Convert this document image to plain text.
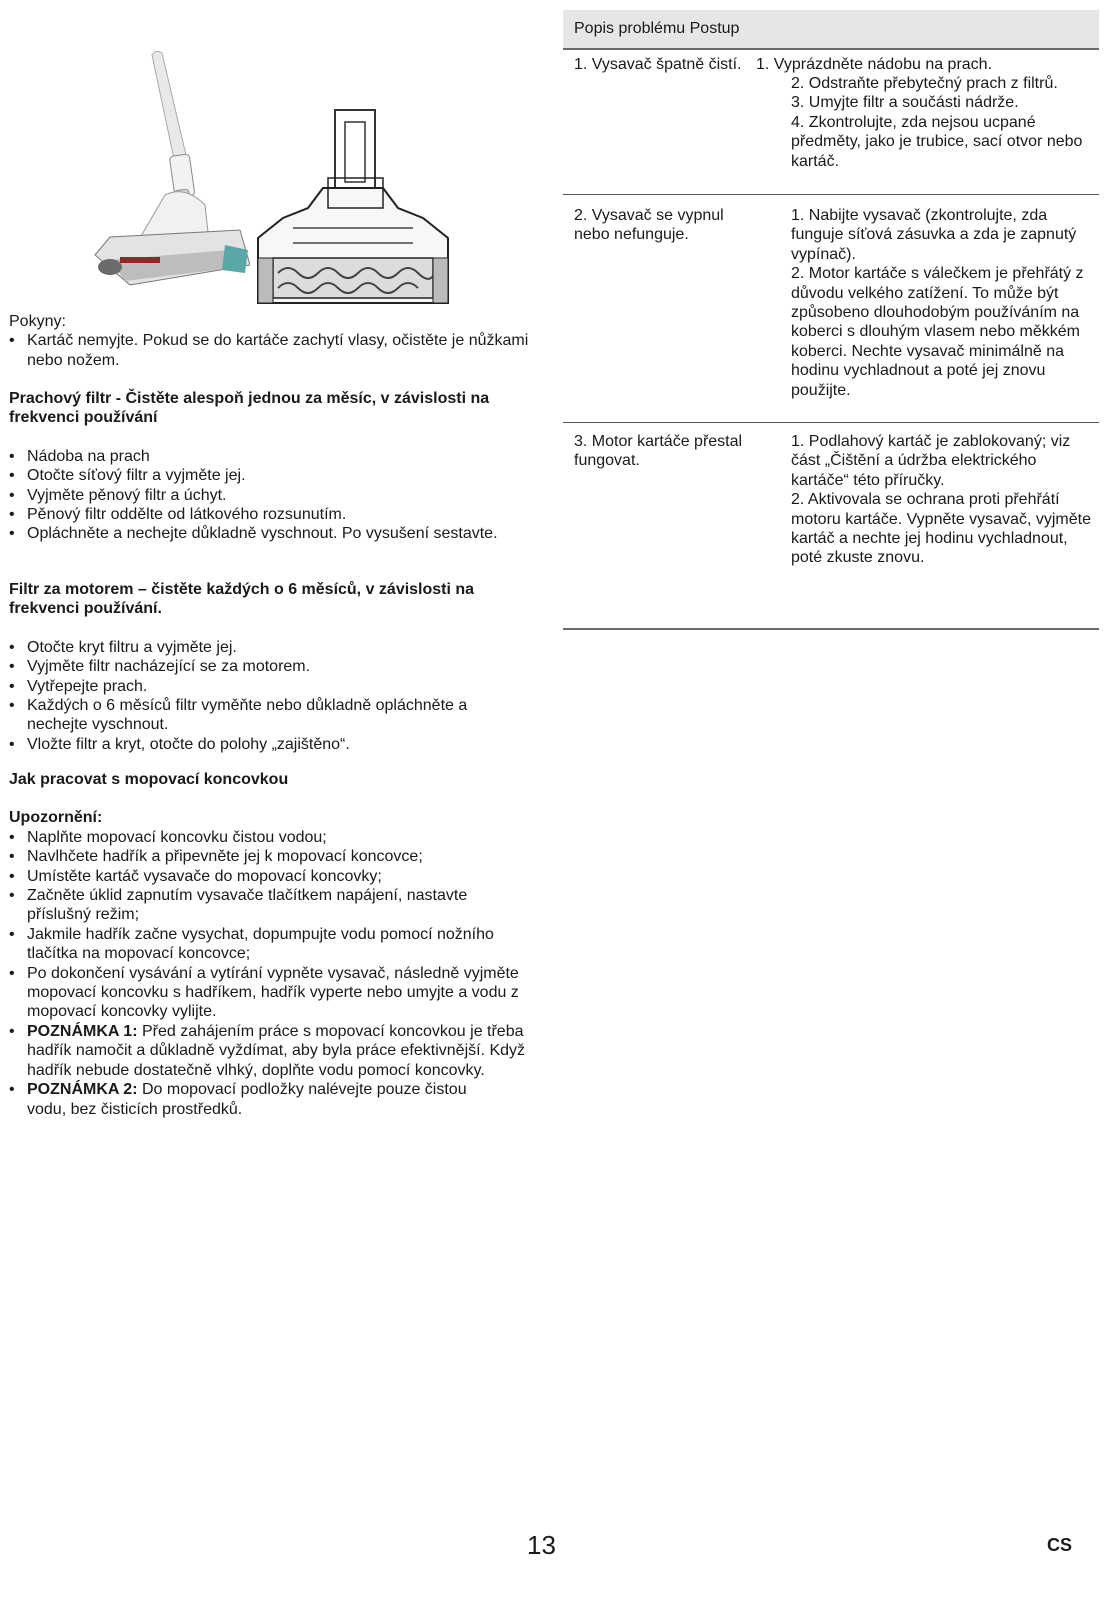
Pokyny:
• Kartáč nemyjte. Pokud se do kartáče zachytí vlasy, očistěte je nůžkami nebo nožem.
Prachový filtr - Čistěte alespoň jednou za měsíc, v závislosti na frekvenci používání
• Nádoba na prach
• Otočte síťový filtr a vyjměte jej.
• Vyjměte pěnový filtr a úchyt.
• Pěnový filtr oddělte od látkového rozsunutím.
• Opláchněte a nechejte důkladně vyschnout. Po vysušení sestavte.
Filtr za motorem – čistěte každých o 6 měsíců, v závislosti na frekvenci používání.
• Otočte kryt filtru a vyjměte jej.
• Vyjměte filtr nacházející se za motorem.
• Vytřepejte prach.
• Každých o 6 měsíců filtr vyměňte nebo důkladně opláchněte a nechejte vyschnout.
• Vložte filtr a kryt, otočte do polohy „zajištěno“.
Jak pracovat s mopovací koncovkou
Upozornění:
• Naplňte mopovací koncovku čistou vodou;
• Navlhčete hadřík a připevněte jej k mopovací koncovce;
• Umístěte kartáč vysavače do mopovací koncovky;
• Začněte úklid zapnutím vysavače tlačítkem napájení, nastavte příslušný režim;
• Jakmile hadřík začne vysychat, dopumpujte vodu pomocí nožního tlačítka na mopovací koncovce;
• Po dokončení vysávání a vytírání vypněte vysavač, následně vyjměte mopovací koncovku s hadříkem, hadřík vyperte nebo umyjte a vodu z mopovací koncovky vylijte.
• POZNÁMKA 1: Před zahájením práce s mopovací koncovkou je třeba hadřík namočit a důkladně vyždímat, aby byla práce efektivnější. Když hadřík nebude dostatečně vlhký, doplňte vodu pomocí koncovky.
• POZNÁMKA 2: Do mopovací podložky nalévejte pouze čistou vodu, bez čisticích prostředků.
Popis problému Postup
1. Vysavač špatně čistí. 1. Vyprázdněte nádobu na prach.
2. Odstraňte přebytečný prach z filtrů.
3. Umyjte filtr a součásti nádrže.
4. Zkontrolujte, zda nejsou ucpané předměty, jako je trubice, sací otvor nebo kartáč.
2. Vysavač se vypnul nebo nefunguje.
1. Nabijte vysavač (zkontrolujte, zda funguje síťová zásuvka a zda je zapnutý vypínač).
2. Motor kartáče s válečkem je přehřátý z důvodu velkého zatížení. To může být způsobeno dlouhodobým používáním na koberci s dlouhým vlasem nebo měkkém koberci. Nechte vysavač minimálně na hodinu vychladnout a poté jej znovu použijte.
3. Motor kartáče přestal fungovat.
1. Podlahový kartáč je zablokovaný; viz část „Čištění a údržba elektrického kartáče“ této příručky.
2. Aktivovala se ochrana proti přehřátí motoru kartáče. Vypněte vysavač, vyjměte kartáč a nechte jej hodinu vychladnout, poté zkuste znovu.
13	CS
